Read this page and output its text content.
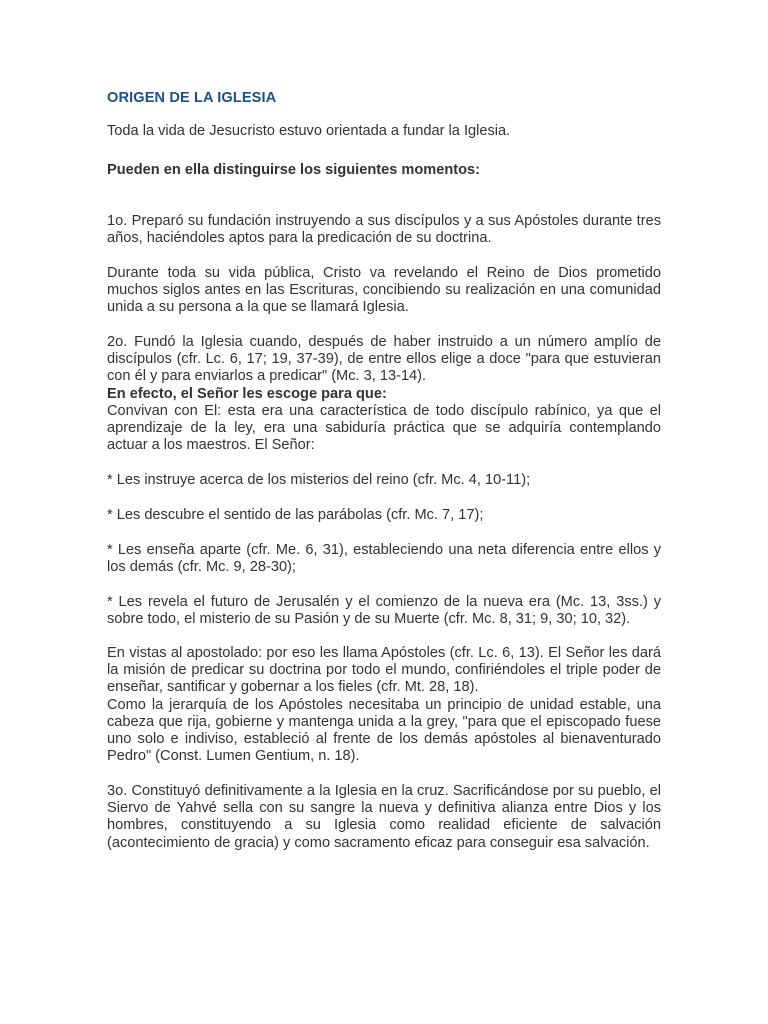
ORIGEN DE LA IGLESIA

Toda la vida de Jesucristo estuvo orientada a fundar la Iglesia.

Pueden en ella distinguirse los siguientes momentos:

1o. Preparó su fundación instruyendo a sus discípulos y a sus Apóstoles durante tres años, haciéndoles aptos para la predicación de su doctrina.

Durante toda su vida pública, Cristo va revelando el Reino de Dios prometido muchos siglos antes en las Escrituras, concibiendo su realización en una comunidad unida a su persona a la que se llamará Iglesia.

2o. Fundó la Iglesia cuando, después de haber instruido a un número amplío de discípulos (cfr. Lc. 6, 17; 19, 37-39), de entre ellos elige a doce "para que estuvieran con él y para enviarlos a predicar" (Mc. 3, 13-14).
En efecto, el Señor les escoge para que:
Convivan con El: esta era una característica de todo discípulo rabínico, ya que el aprendizaje de la ley, era una sabiduría práctica que se adquiría contemplando actuar a los maestros. El Señor:

* Les instruye acerca de los misterios del reino (cfr. Mc. 4, 10-11);

* Les descubre el sentido de las parábolas (cfr. Mc. 7, 17);

* Les enseña aparte (cfr. Me. 6, 31), estableciendo una neta diferencia entre ellos y los demás (cfr. Mc. 9, 28-30);

* Les revela el futuro de Jerusalén y el comienzo de la nueva era (Mc. 13, 3ss.) y sobre todo, el misterio de su Pasión y de su Muerte (cfr. Mc. 8, 31; 9, 30; 10, 32).

En vistas al apostolado: por eso les llama Apóstoles (cfr. Lc. 6, 13). El Señor les dará la misión de predicar su doctrina por todo el mundo, confiriéndoles el triple poder de enseñar, santificar y gobernar a los fieles (cfr. Mt. 28, 18).
Como la jerarquía de los Apóstoles necesitaba un principio de unidad estable, una cabeza que rija, gobierne y mantenga unida a la grey, "para que el episcopado fuese uno solo e indiviso, estableció al frente de los demás apóstoles al bienaventurado Pedro" (Const. Lumen Gentium, n. 18).

3o. Constituyó definitivamente a la Iglesia en la cruz. Sacrificándose por su pueblo, el Siervo de Yahvé sella con su sangre la nueva y definitiva alianza entre Dios y los hombres, constituyendo a su Iglesia como realidad eficiente de salvación (acontecimiento de gracia) y como sacramento eficaz para conseguir esa salvación.
